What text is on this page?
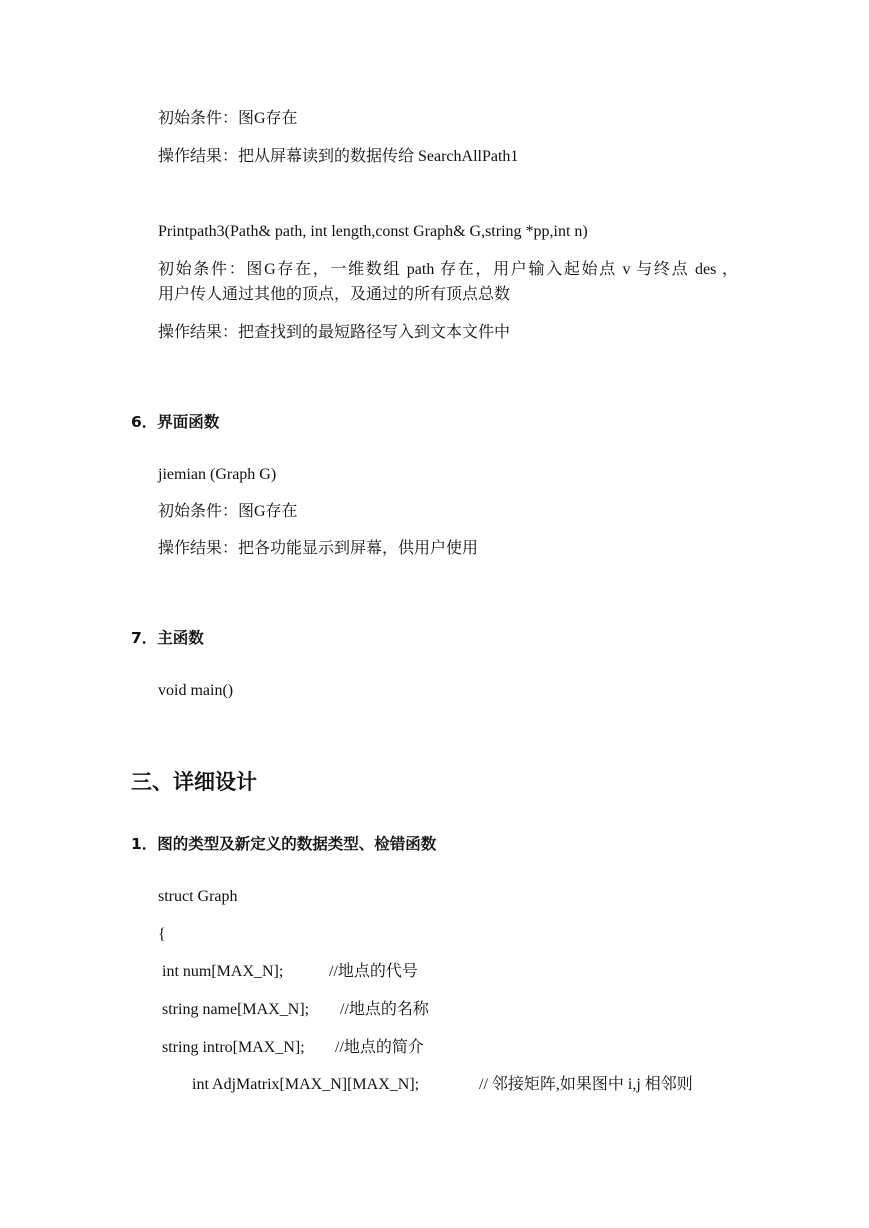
初始条件：图G存在

操作结果：把从屏幕读到的数据传给 SearchAllPath1

Printpath3(Path& path, int length,const Graph& G,string *pp,int n)

初始条件：图G存在，一维数组 path 存在，用户输入起始点 v 与终点 des ，

用户传人通过其他的顶点，及通过的所有顶点总数

操作结果：把查找到的最短路径写入到文本文件中

6．界面函数

jiemian (Graph G)

初始条件：图G存在

操作结果：把各功能显示到屏幕，供用户使用

7．主函数

void main()

三、详细设计

1．图的类型及新定义的数据类型、检错函数

struct Graph

{

int num[MAX_N];	//地点的代号

string name[MAX_N]; //地点的名称

string intro[MAX_N]; //地点的简介

int AdjMatrix[MAX_N][MAX_N];	// 邻接矩阵,如果图中 i,j 相邻则
